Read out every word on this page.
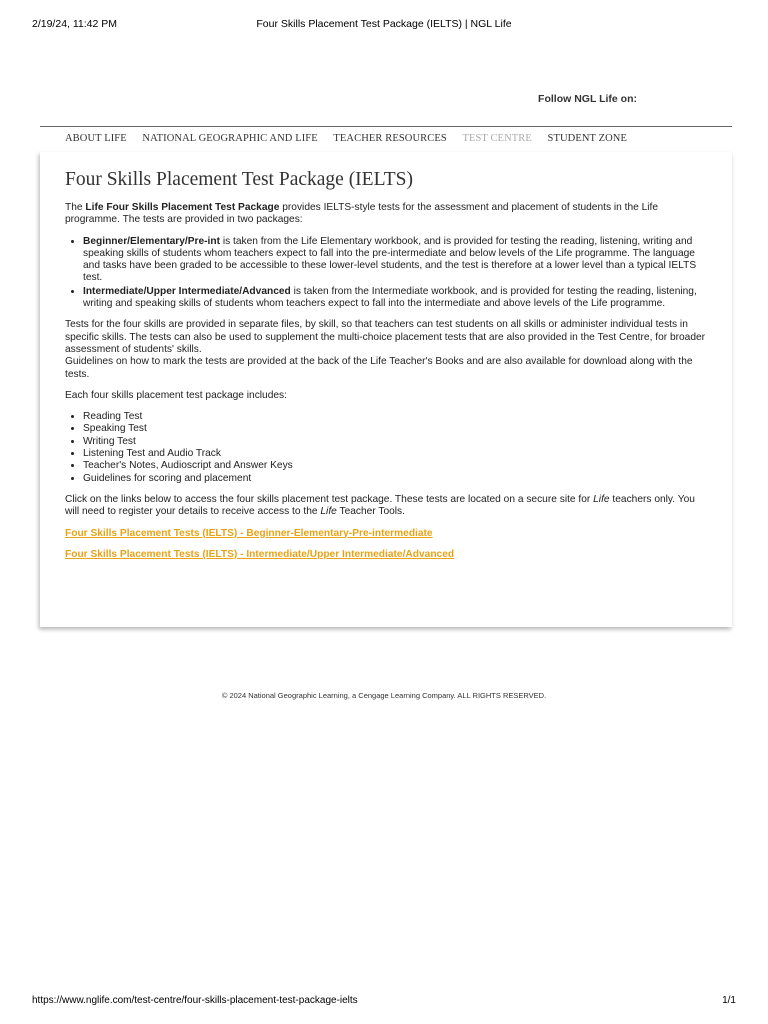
2/19/24, 11:42 PM	Four Skills Placement Test Package (IELTS) | NGL Life
Follow NGL Life on:
ABOUT LIFE NATIONAL GEOGRAPHIC AND LIFE TEACHER RESOURCES TEST CENTRE STUDENT ZONE
Four Skills Placement Test Package (IELTS)

The Life Four Skills Placement Test Package provides IELTS-style tests for the assessment and placement of students in the Life programme. The tests are provided in two packages:

• Beginner/Elementary/Pre-int is taken from the Life Elementary workbook, and is provided for testing the reading, listening, writing and speaking skills of students whom teachers expect to fall into the pre-intermediate and below levels of the Life programme. The language and tasks have been graded to be accessible to these lower-level students, and the test is therefore at a lower level than a typical IELTS test.
• Intermediate/Upper Intermediate/Advanced is taken from the Intermediate workbook, and is provided for testing the reading, listening, writing and speaking skills of students whom teachers expect to fall into the intermediate and above levels of the Life programme.

Tests for the four skills are provided in separate files, by skill, so that teachers can test students on all skills or administer individual tests in specific skills. The tests can also be used to supplement the multi-choice placement tests that are also provided in the Test Centre, for broader assessment of students' skills.

Guidelines on how to mark the tests are provided at the back of the Life Teacher's Books and are also available for download along with the tests.

Each four skills placement test package includes:

• Reading Test
• Speaking Test
• Writing Test
• Listening Test and Audio Track
• Teacher's Notes, Audioscript and Answer Keys
• Guidelines for scoring and placement

Click on the links below to access the four skills placement test package. These tests are located on a secure site for Life teachers only. You will need to register your details to receive access to the Life Teacher Tools.

Four Skills Placement Tests (IELTS) - Beginner-Elementary-Pre-intermediate
Four Skills Placement Tests (IELTS) - Intermediate/Upper Intermediate/Advanced
© 2024 National Geographic Learning, a Cengage Learning Company. ALL RIGHTS RESERVED.
https://www.nglife.com/test-centre/four-skills-placement-test-package-ielts	1/1
